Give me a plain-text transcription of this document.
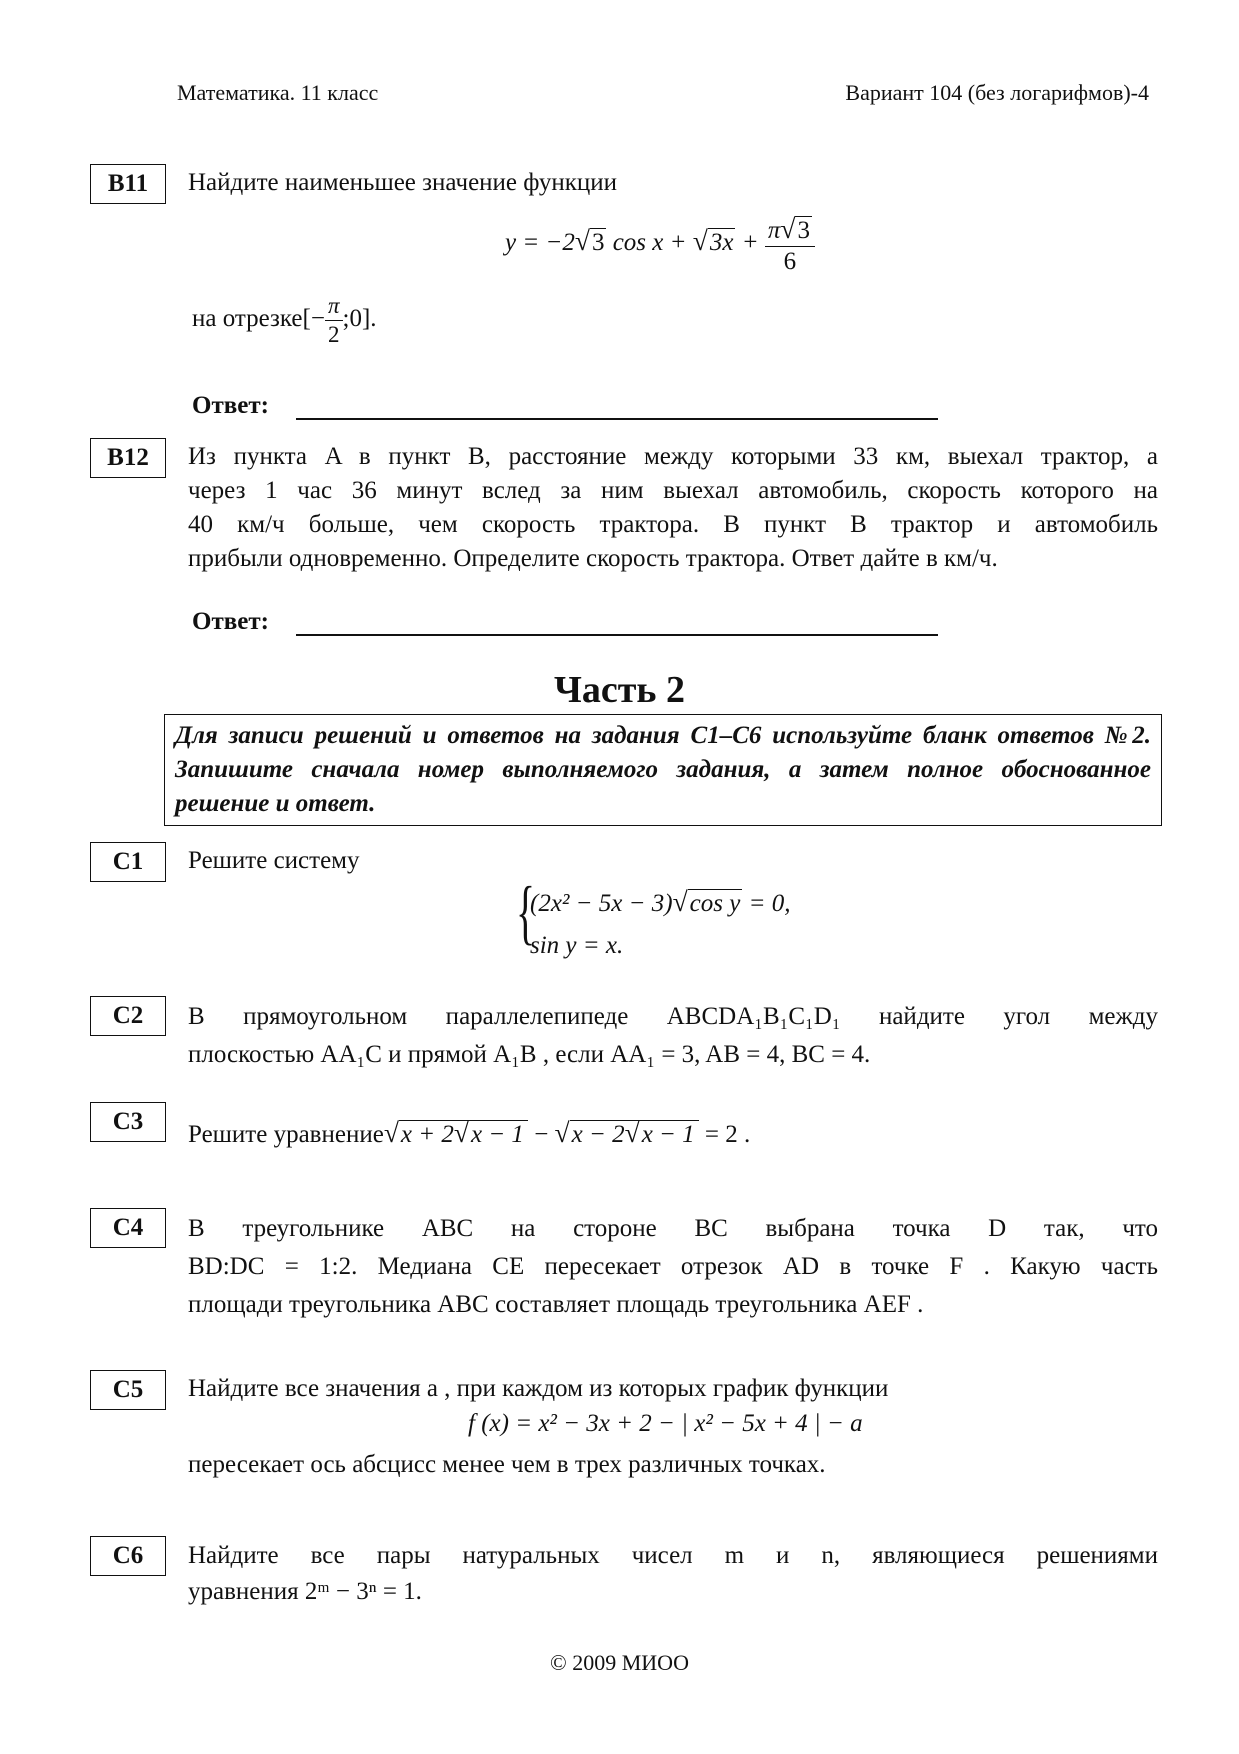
Математика. 11 класс	Вариант 104 (без логарифмов)-4
B11	Найдите наименьшее значение функции
y = −2√3 $\cos x + √3x + \frac{\pi√3}{6}$
на отрезке[− $\frac{\pi}{2}$ ;0].
Ответ:
B12	Из пункта A в пункт B, расстояние между которыми 33 км, выехал трактор, а
через 1 час 36 минут вслед за ним выехал автомобиль, скорость которого на
40 км/ч больше, чем скорость трактора. В пункт B трактор и автомобиль
прибыли одновременно. Определите скорость трактора. Ответ дайте в км/ч.
Ответ:
Часть 2
Для записи решений и ответов на задания С1–С6 используйте бланк ответов №2. Запишите сначала номер выполняемого задания, а затем полное обоснованное решение и ответ.
C1	Решите систему
{
(2x² − 5x − 3)√cos y = 0,
sin y = x.
C2	В прямоугольном параллелепипеде ABCDA₁B₁C₁D₁ найдите угол между
плоскостью AA₁C и прямой A₁B , если AA₁ = 3, AB = 4, BC = 4.
C3	Решите уравнение√x + 2√x − 1 − √x − 2√x − 1 = 2 .
C4	В треугольнике ABC на стороне BC выбрана точка D так, что
BD:DC = 1:2. Медиана CE пересекает отрезок AD в точке F . Какую часть
площади треугольника ABC составляет площадь треугольника AEF .
C5	Найдите все значения a , при каждом из которых график функции
f (x) = x² − 3x + 2 − | x² − 5x + 4 | − a
пересекает ось абсцисс менее чем в трех различных точках.
C6	Найдите все пары натуральных чисел m и n, являющиеся решениями
уравнения 2ᵐ − 3ⁿ = 1.
© 2009 МИОО
